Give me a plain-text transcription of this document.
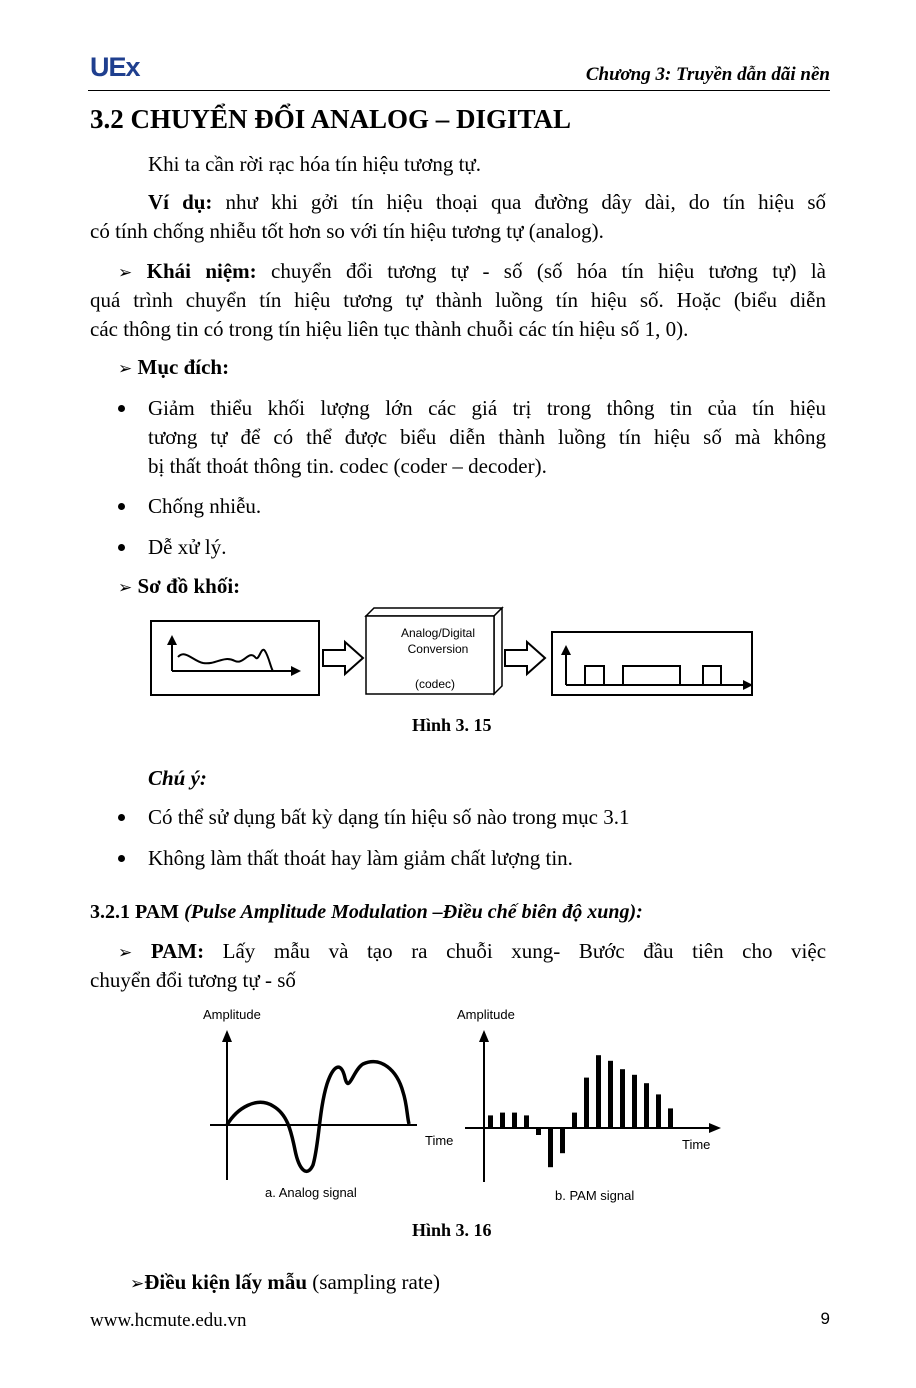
UEx	Chương 3: Truyền dẫn dãi nền
3.2 CHUYỂN ĐỔI ANALOG – DIGITAL
Khi ta cần rời rạc hóa tín hiệu tương tự.
Ví dụ: như khi gởi tín hiệu thoại qua đường dây dài, do tín hiệu số
có tính chống nhiễu tốt hơn so với tín hiệu tương tự (analog).
➢ Khái niệm: chuyển đổi tương tự - số (số hóa tín hiệu tương tự) là
quá trình chuyển tín hiệu tương tự thành luồng tín hiệu số. Hoặc (biểu diễn
các thông tin có trong tín hiệu liên tục thành chuỗi các tín hiệu số 1, 0).
➢ Mục đích:
Giảm thiểu khối lượng lớn các giá trị trong thông tin của tín hiệu
tương tự để có thể được biểu diễn thành luồng tín hiệu số mà không
bị thất thoát thông tin. codec (coder – decoder).
Chống nhiễu.
Dễ xử lý.
➢ Sơ đồ khối:
Analog/Digital
Conversion
(codec)
Hình 3. 15
Chú ý:
Có thể sử dụng bất kỳ dạng tín hiệu số nào trong mục 3.1
Không làm thất thoát hay làm giảm chất lượng tin.
3.2.1 PAM (Pulse Amplitude Modulation –Điều chế biên độ xung):
➢ PAM: Lấy mẫu và tạo ra chuỗi xung- Bước đầu tiên cho việc
chuyển đổi tương tự - số
Amplitude
Time
a. Analog signal
Amplitude
Time
b. PAM signal
Hình 3. 16
➢Điều kiện lấy mẫu (sampling rate)
www.hcmute.edu.vn	9
